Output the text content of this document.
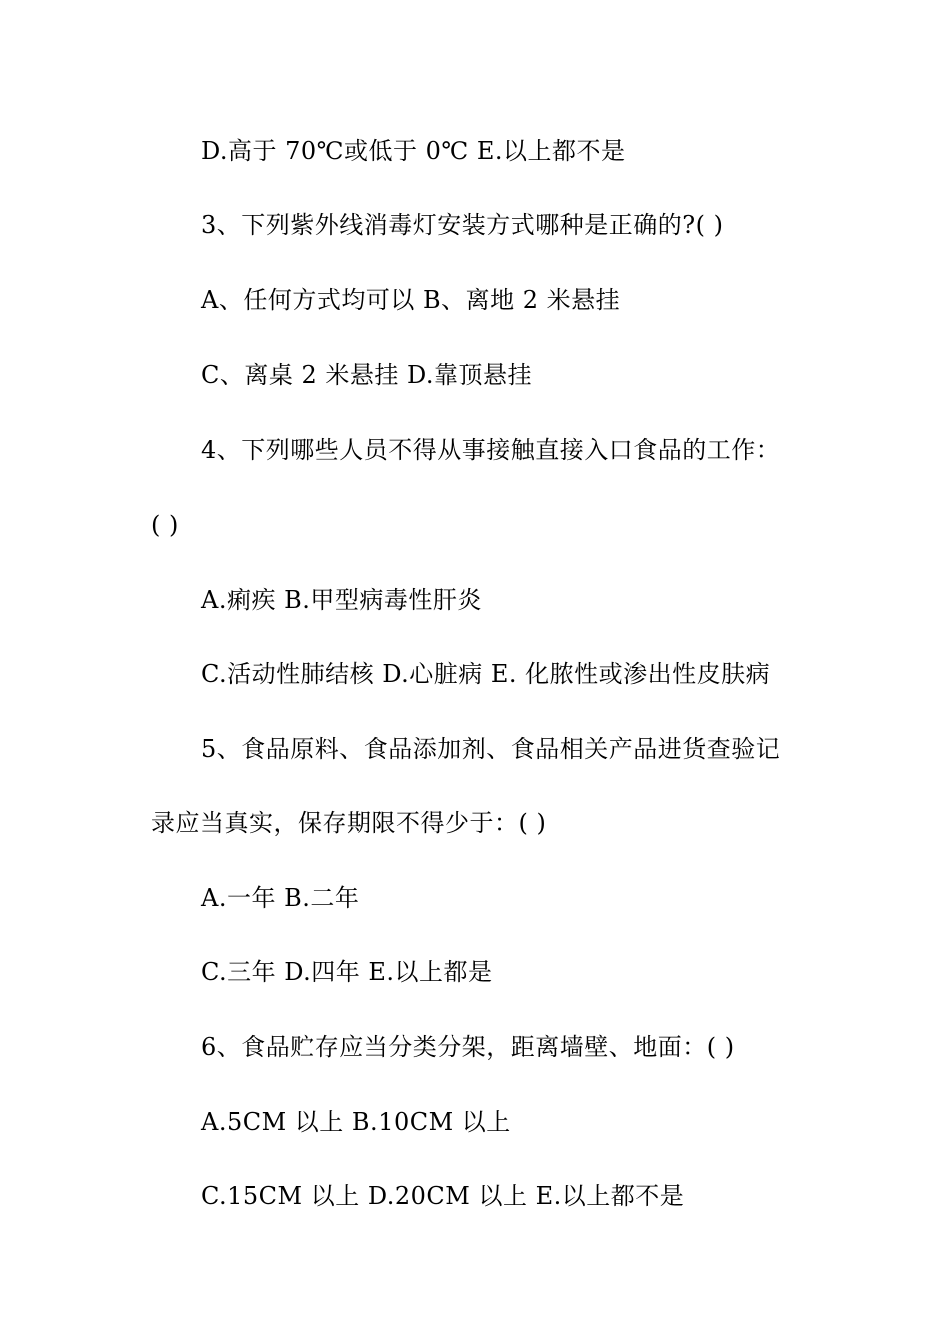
D.高于 70℃或低于 0℃ E.以上都不是
3、下列紫外线消毒灯安装方式哪种是正确的?( )
A、任何方式均可以 B、离地 2 米悬挂
C、离桌 2 米悬挂 D.靠顶悬挂
4、下列哪些人员不得从事接触直接入口食品的工作：
( )
A.痢疾 B.甲型病毒性肝炎
C.活动性肺结核 D.心脏病 E. 化脓性或渗出性皮肤病
5、食品原料、食品添加剂、食品相关产品进货查验记
录应当真实，保存期限不得少于：( )
A.一年 B.二年
C.三年 D.四年 E.以上都是
6、食品贮存应当分类分架，距离墙壁、地面：( )
A.5CM 以上 B.10CM 以上
C.15CM 以上 D.20CM 以上 E.以上都不是
